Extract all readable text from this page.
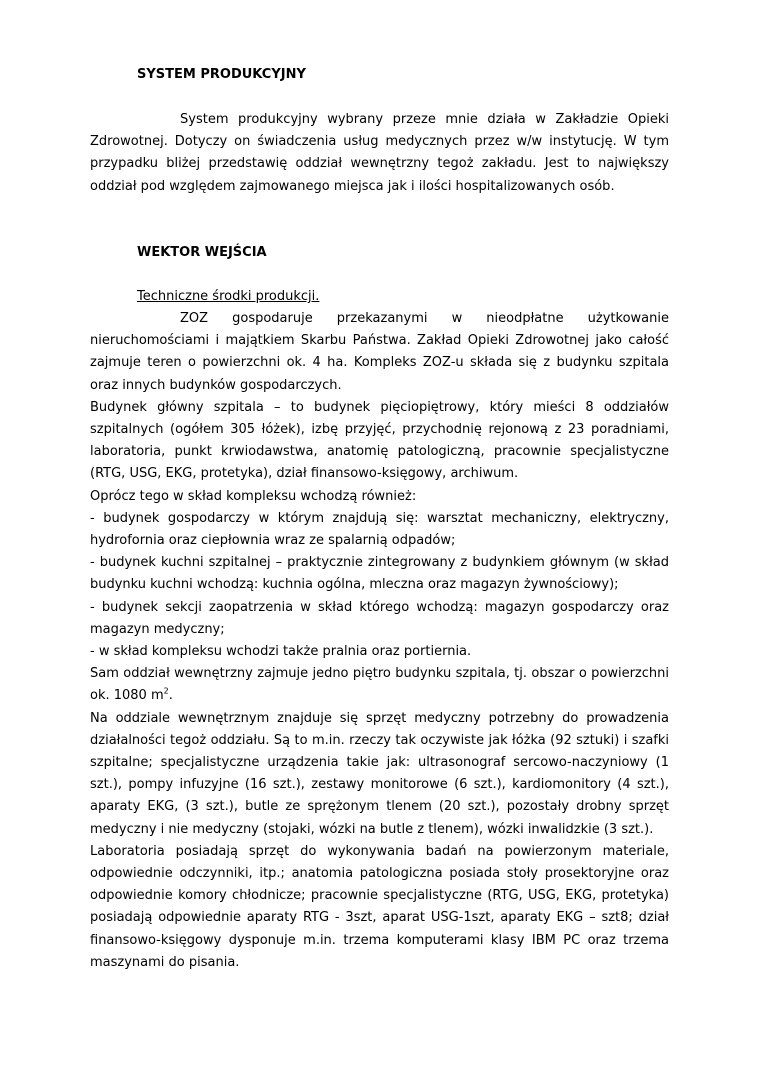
SYSTEM PRODUKCYJNY

System produkcyjny wybrany przeze mnie działa w Zakładzie Opieki Zdrowotnej. Dotyczy on świadczenia usług medycznych przez w/w instytucję. W tym przypadku bliżej przedstawię oddział wewnętrzny tegoż zakładu. Jest to największy oddział pod względem zajmowanego miejsca jak i ilości hospitalizowanych osób.

WEKTOR WEJŚCIA

Techniczne środki produkcji.

ZOZ gospodaruje przekazanymi w nieodpłatne użytkowanie nieruchomościami i majątkiem Skarbu Państwa. Zakład Opieki Zdrowotnej jako całość zajmuje teren o powierzchni ok. 4 ha. Kompleks ZOZ-u składa się z budynku szpitala oraz innych budynków gospodarczych.

Budynek główny szpitala – to budynek pięciopiętrowy, który mieści 8 oddziałów szpitalnych (ogółem 305 łóżek), izbę przyjęć, przychodnię rejonową z 23 poradniami, laboratoria, punkt krwiodawstwa, anatomię patologiczną, pracownie specjalistyczne (RTG, USG, EKG, protetyka), dział finansowo-księgowy, archiwum.

Oprócz tego w skład kompleksu wchodzą również:

- budynek gospodarczy w którym znajdują się: warsztat mechaniczny, elektryczny, hydrofornia oraz ciepłownia wraz ze spalarnią odpadów;

- budynek kuchni szpitalnej – praktycznie zintegrowany z budynkiem głównym (w skład budynku kuchni wchodzą: kuchnia ogólna, mleczna oraz magazyn żywnościowy);

- budynek sekcji zaopatrzenia w skład którego wchodzą: magazyn gospodarczy oraz magazyn medyczny;

- w skład kompleksu wchodzi także pralnia oraz portiernia.

Sam oddział wewnętrzny zajmuje jedno piętro budynku szpitala, tj. obszar o powierzchni ok. 1080 $m^2$.

Na oddziale wewnętrznym znajduje się sprzęt medyczny potrzebny do prowadzenia działalności tegoż oddziału. Są to m.in. rzeczy tak oczywiste jak łóżka (92 sztuki) i szafki szpitalne; specjalistyczne urządzenia takie jak: ultrasonograf sercowo-naczyniowy (1 szt.), pompy infuzyjne (16 szt.), zestawy monitorowe (6 szt.), kardiomonitory (4 szt.), aparaty EKG, (3 szt.), butle ze sprężonym tlenem (20 szt.), pozostały drobny sprzęt medyczny i nie medyczny (stojaki, wózki na butle z tlenem), wózki inwalidzkie (3 szt.).

Laboratoria posiadają sprzęt do wykonywania badań na powierzonym materiale, odpowiednie odczynniki, itp.; anatomia patologiczna posiada stoły prosektoryjne oraz odpowiednie komory chłodnicze; pracownie specjalistyczne (RTG, USG, EKG, protetyka) posiadają odpowiednie aparaty RTG - 3szt, aparat USG-1szt, aparaty EKG – szt8; dział finansowo-księgowy dysponuje m.in. trzema komputerami klasy IBM PC oraz trzema maszynami do pisania.
